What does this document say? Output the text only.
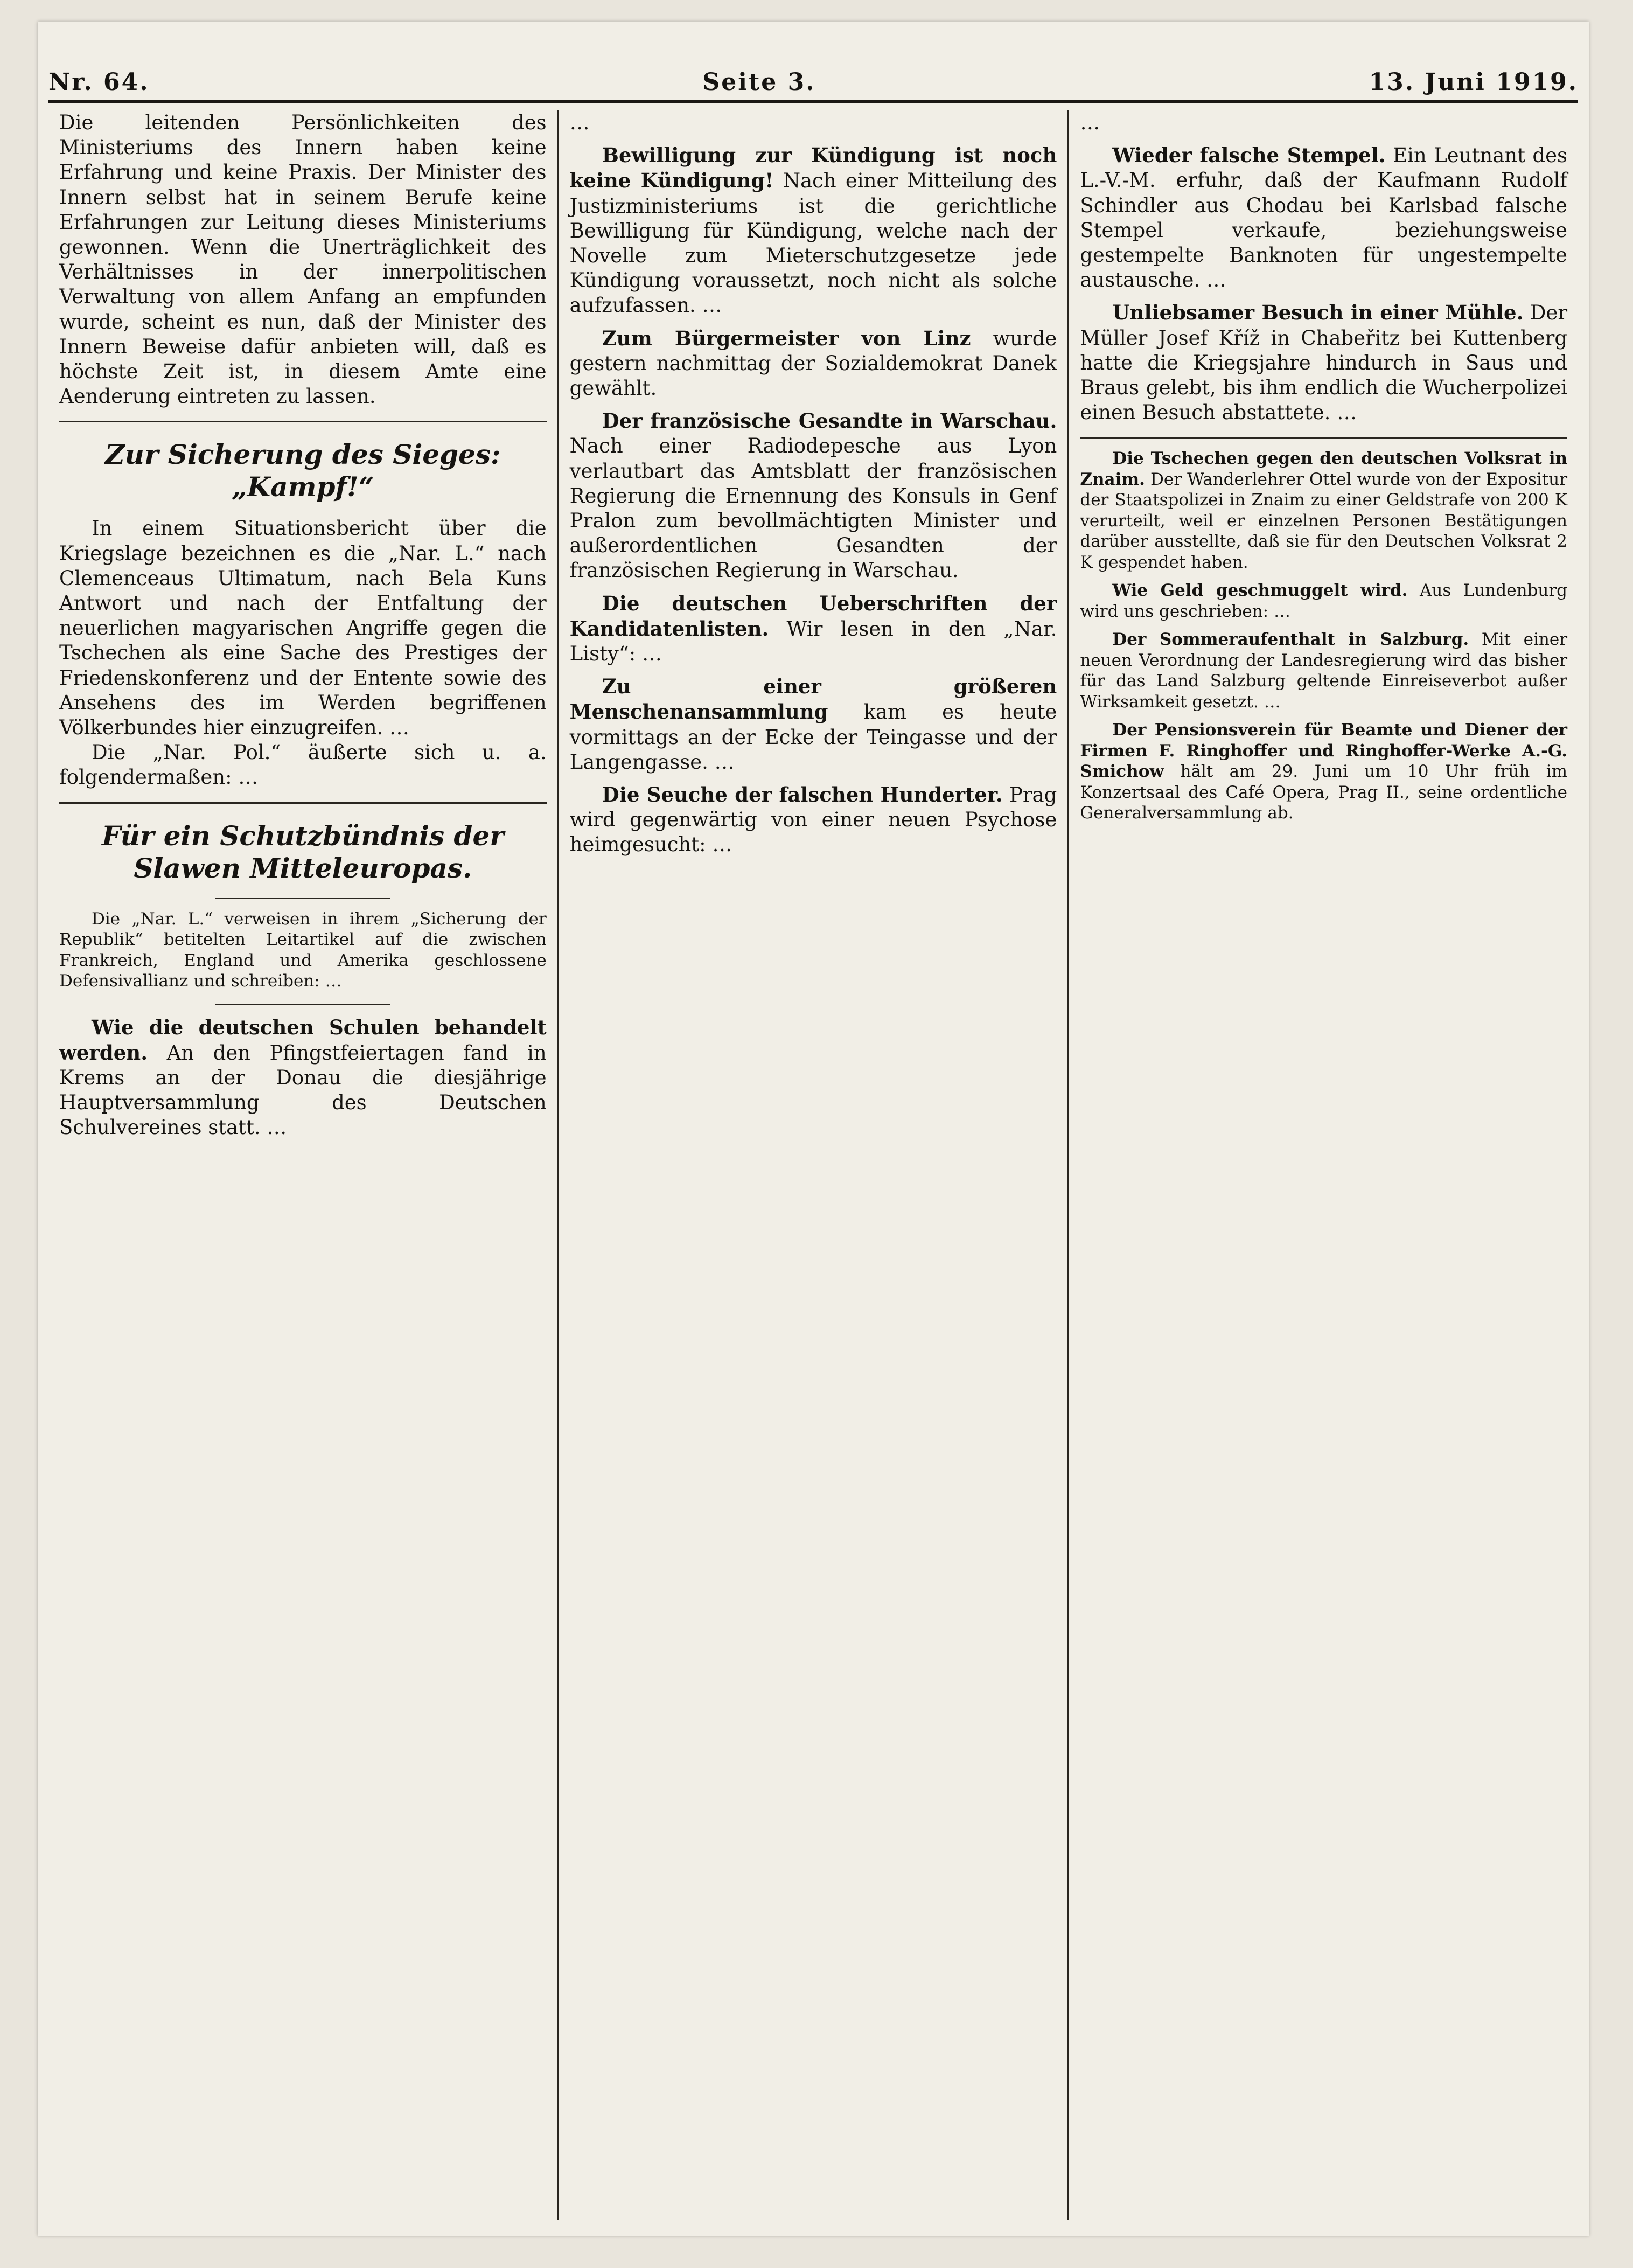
Nr. 64.	Seite 3.	13. Juni 1919.

Die leitenden Persönlichkeiten des Ministeriums des Innern haben keine Erfahrung und keine Praxis. Der Minister des Innern selbst hat in seinem Berufe keine Erfahrungen zur Leitung dieses Ministeriums gewonnen. Wenn die Unerträglichkeit des Verhältnisses in der innerpolitischen Verwaltung von allem Anfang an empfunden wurde, scheint es nun, daß der Minister des Innern Beweise dafür anbieten will, daß es höchste Zeit ist, in diesem Amte eine Aenderung eintreten zu lassen.

Zur Sicherung des Sieges: „Kampf!“

In einem Situationsbericht über die Kriegslage bezeichnen es die „Nar. L.“ nach Clemenceaus Ultimatum, nach Bela Kuns Antwort und nach der Entfaltung der neuerlichen magyarischen Angriffe gegen die Tschechen als eine Sache des Prestiges der Friedenskonferenz und der Entente sowie des Ansehens des im Werden begriffenen Völkerbundes hier einzugreifen. …

Die „Nar. Pol.“ äußerte sich u. a. folgendermaßen: …

Für ein Schutzbündnis der Slawen Mitteleuropas.

Die „Nar. L.“ verweisen in ihrem „Sicherung der Republik“ betitelten Leitartikel auf die zwischen Frankreich, England und Amerika geschlossene Defensivallianz und schreiben: …

Wie die deutschen Schulen behandelt werden. An den Pfingstfeiertagen fand in Krems an der Donau die diesjährige Hauptversammlung des Deutschen Schulvereines statt. …

…

Bewilligung zur Kündigung ist noch keine Kündigung! Nach einer Mitteilung des Justizministeriums ist die gerichtliche Bewilligung für Kündigung, welche nach der Novelle zum Mieterschutzgesetze jede Kündigung voraussetzt, noch nicht als solche aufzufassen. …

Zum Bürgermeister von Linz wurde gestern nachmittag der Sozialdemokrat Danek gewählt.

Der französische Gesandte in Warschau. Nach einer Radiodepesche aus Lyon verlautbart das Amtsblatt der französischen Regierung die Ernennung des Konsuls in Genf Pralon zum bevollmächtigten Minister und außerordentlichen Gesandten der französischen Regierung in Warschau.

Die deutschen Ueberschriften der Kandidatenlisten. Wir lesen in den „Nar. Listy“: …

Zu einer größeren Menschenansammlung kam es heute vormittags an der Ecke der Teingasse und der Langengasse. …

Die Seuche der falschen Hunderter. Prag wird gegenwärtig von einer neuen Psychose heimgesucht: …

…

Wieder falsche Stempel. Ein Leutnant des L.-V.-M. erfuhr, daß der Kaufmann Rudolf Schindler aus Chodau bei Karlsbad falsche Stempel verkaufe, beziehungsweise gestempelte Banknoten für ungestempelte austausche. …

Unliebsamer Besuch in einer Mühle. Der Müller Josef Kříž in Chabeřitz bei Kuttenberg hatte die Kriegsjahre hindurch in Saus und Braus gelebt, bis ihm endlich die Wucherpolizei einen Besuch abstattete. …

Die Tschechen gegen den deutschen Volksrat in Znaim. Der Wanderlehrer Ottel wurde von der Expositur der Staatspolizei in Znaim zu einer Geldstrafe von 200 K verurteilt, weil er einzelnen Personen Bestätigungen darüber ausstellte, daß sie für den Deutschen Volksrat 2 K gespendet haben.

Wie Geld geschmuggelt wird. Aus Lundenburg wird uns geschrieben: …

Der Sommeraufenthalt in Salzburg. Mit einer neuen Verordnung der Landesregierung wird das bisher für das Land Salzburg geltende Einreiseverbot außer Wirksamkeit gesetzt. …

Der Pensionsverein für Beamte und Diener der Firmen F. Ringhoffer und Ringhoffer-Werke A.-G. Smichow hält am 29. Juni um 10 Uhr früh im Konzertsaal des Café Opera, Prag II., seine ordentliche Generalversammlung ab.
